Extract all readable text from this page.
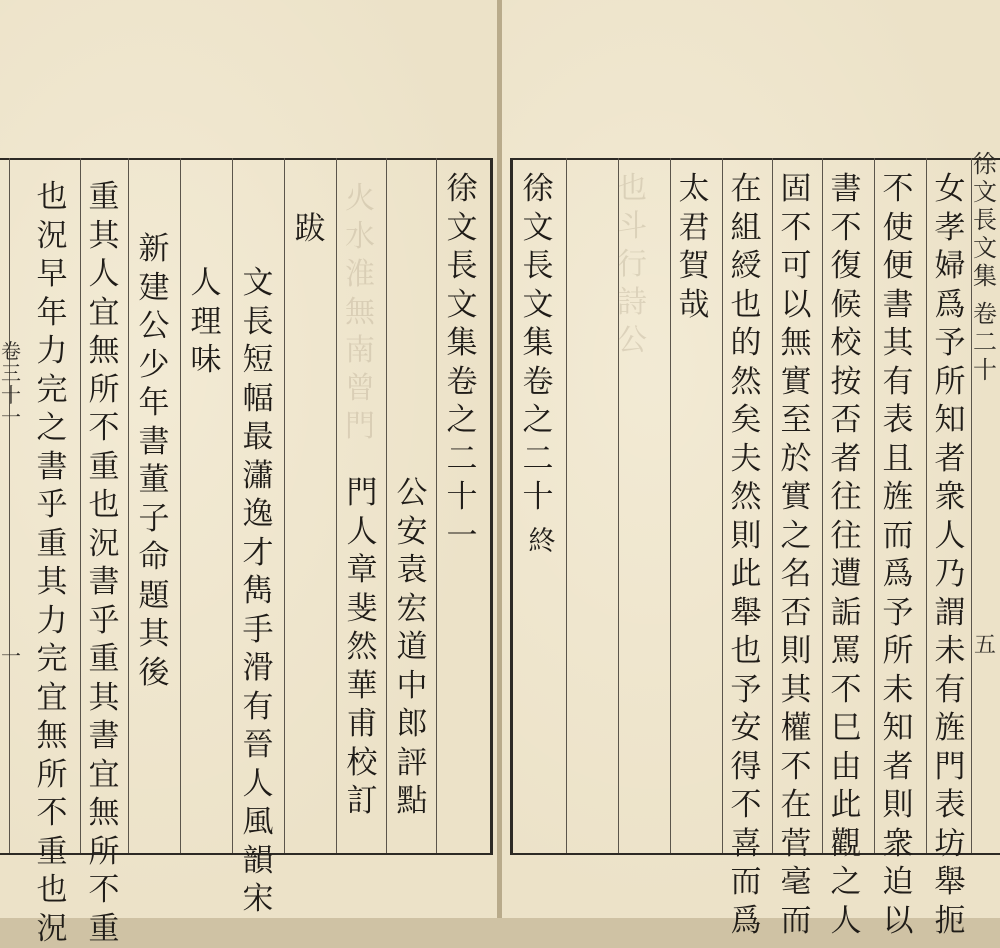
卷三十一
一
火水淮無南曾門
徐文長文集卷之二十一
公安袁宏道中郎評點
門人章斐然華甫校訂
跋
文長短幅最瀟逸才雋手滑有晉人風韻宋
人理味
新建公少年書董子命題其後
重其人宜無所不重也況書乎重其書宜無所不重
也況早年力完之書乎重其力完宜無所不重也況
徐文長文集
卷二十
五
也斗行詩公
女孝婦爲予所知者衆人乃謂未有旌門表坊舉扼
不使便書其有表且旌而爲予所未知者則衆迫以
書不復候校按否者往往遭詬罵不巳由此觀之人
固不可以無實至於實之名否則其權不在菅毫而
在組綬也的然矣夫然則此舉也予安得不喜而爲
太君賀哉
徐文長文集卷之二十
終
